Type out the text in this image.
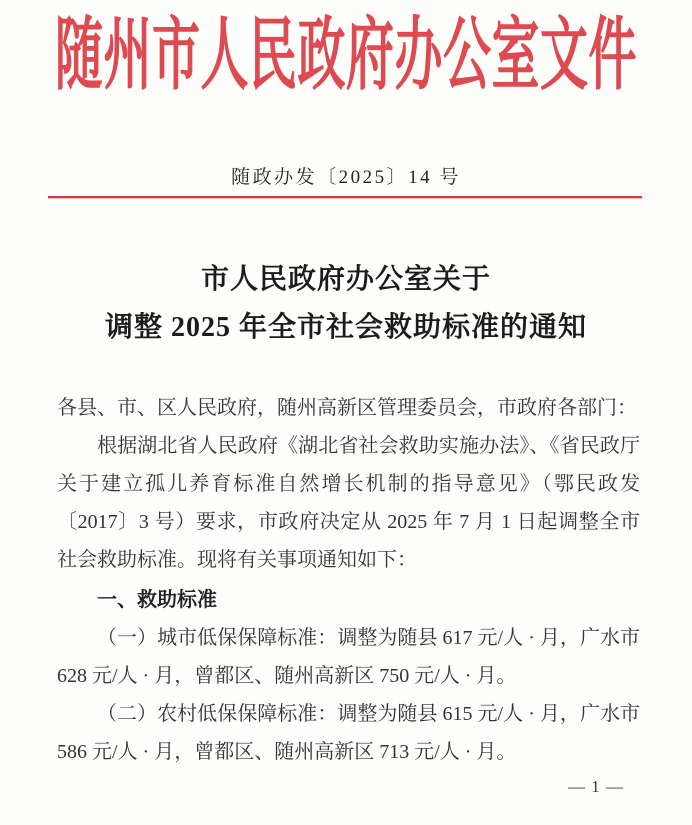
随州市人民政府办公室文件
随政办发〔2025〕14 号
市人民政府办公室关于
调整 2025 年全市社会救助标准的通知

各县、市、区人民政府，随州高新区管理委员会，市政府各部门：

根据湖北省人民政府《湖北省社会救助实施办法》、《省民政厅关于建立孤儿养育标准自然增长机制的指导意见》（鄂民政发〔2017〕3 号）要求，市政府决定从 2025 年 7 月 1 日起调整全市社会救助标准。现将有关事项通知如下：

一、救助标准

（一）城市低保保障标准：调整为随县 617 元/人 · 月，广水市 628 元/人 · 月，曾都区、随州高新区 750 元/人 · 月。

（二）农村低保保障标准：调整为随县 615 元/人 · 月，广水市 586 元/人 · 月，曾都区、随州高新区 713 元/人 · 月。

— 1 —
